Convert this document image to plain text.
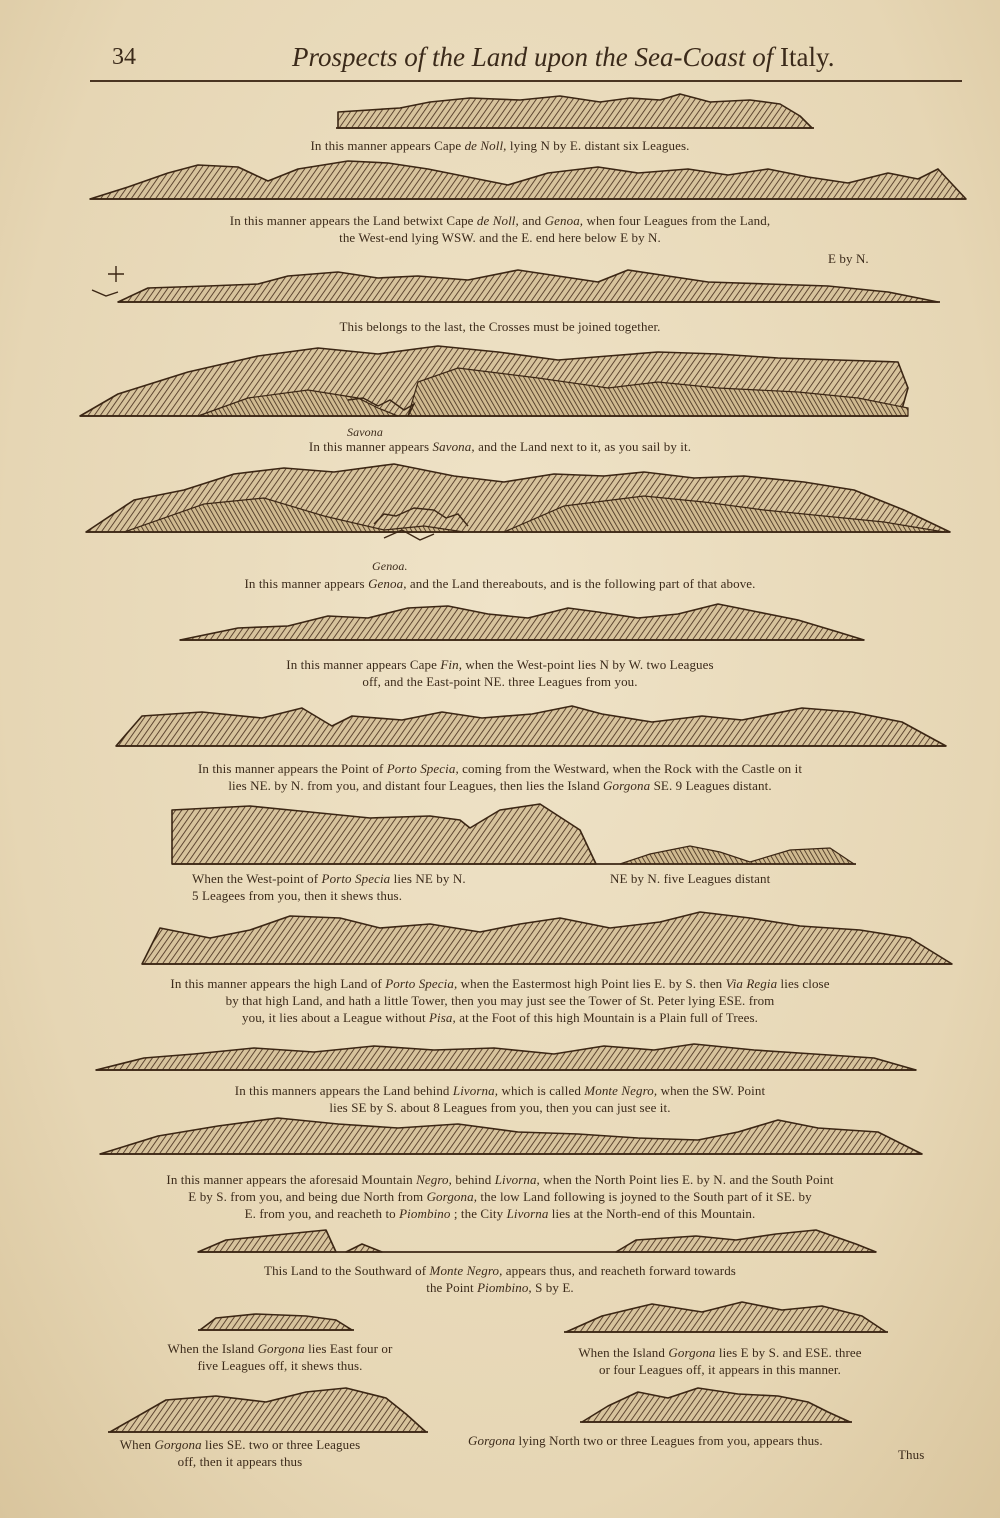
34	Prospects of the Land upon the Sea-Coast of Italy.
In this manner appears Cape de Noll, lying N by E. distant six Leagues.
In this manner appears the Land betwixt Cape de Noll, and Genoa, when four Leagues from the Land,
the West-end lying WSW. and the E. end here below E by N.
E by N.
This belongs to the last, the Crosses must be joined together.
Savona
In this manner appears Savona, and the Land next to it, as you sail by it.
Genoa.
In this manner appears Genoa, and the Land thereabouts, and is the following part of that above.
In this manner appears Cape Fin, when the West-point lies N by W. two Leagues
off, and the East-point NE. three Leagues from you.
In this manner appears the Point of Porto Specia, coming from the Westward, when the Rock with the Castle on it
lies NE. by N. from you, and distant four Leagues, then lies the Island Gorgona SE. 9 Leagues distant.
When the West-point of Porto Specia lies NE by N.
5 Leagees from you, then it shews thus.
NE by N. five Leagues distant
In this manner appears the high Land of Porto Specia, when the Eastermost high Point lies E. by S. then Via Regia lies close
by that high Land, and hath a little Tower, then you may just see the Tower of St. Peter lying ESE. from
you, it lies about a League without Pisa, at the Foot of this high Mountain is a Plain full of Trees.
In this manners appears the Land behind Livorna, which is called Monte Negro, when the SW. Point
lies SE by S. about 8 Leagues from you, then you can just see it.
In this manner appears the aforesaid Mountain Negro, behind Livorna, when the North Point lies E. by N. and the South Point
E by S. from you, and being due North from Gorgona, the low Land following is joyned to the South part of it SE. by
E. from you, and reacheth to Piombino ; the City Livorna lies at the North-end of this Mountain.
This Land to the Southward of Monte Negro, appears thus, and reacheth forward towards
the Point Piombino, S by E.
When the Island Gorgona lies East four or
five Leagues off, it shews thus.
When the Island Gorgona lies E by S. and ESE. three
or four Leagues off, it appears in this manner.
When Gorgona lies SE. two or three Leagues
off, then it appears thus
Gorgona lying North two or three Leagues from you, appears thus.
Thus
